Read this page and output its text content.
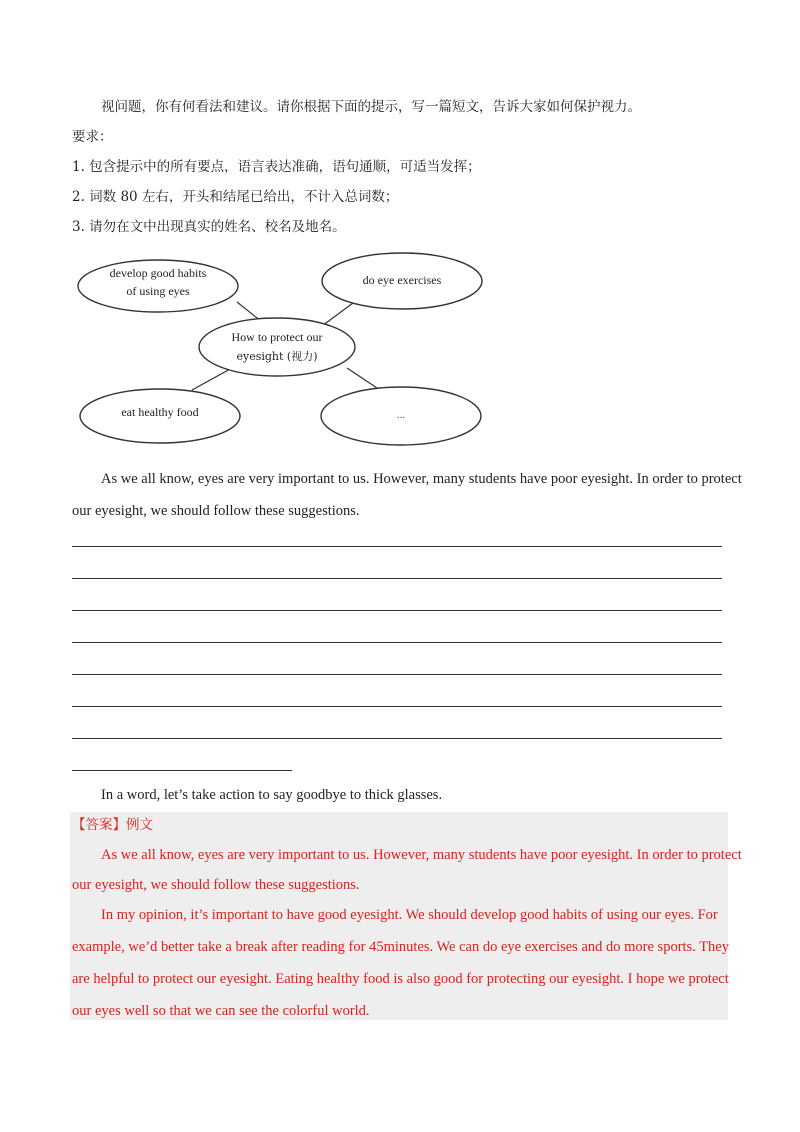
视问题，你有何看法和建议。请你根据下面的提示，写一篇短文，告诉大家如何保护视力。
要求：
1. 包含提示中的所有要点，语言表达准确，语句通顺，可适当发挥；
2. 词数 80 左右，开头和结尾已给出，不计入总词数；
3. 请勿在文中出现真实的姓名、校名及地名。
develop good habits
of using eyes
do eye exercises
How to protect our
eyesight (视力)
eat healthy food	...
As we all know, eyes are very important to us. However, many students have poor eyesight. In order to protect
our eyesight, we should follow these suggestions.
In a word, let’s take action to say goodbye to thick glasses.
【答案】例文
As we all know, eyes are very important to us. However, many students have poor eyesight. In order to protect
our eyesight, we should follow these suggestions.
In my opinion, it’s important to have good eyesight. We should develop good habits of using our eyes. For
example, we’d better take a break after reading for 45minutes. We can do eye exercises and do more sports. They
are helpful to protect our eyesight. Eating healthy food is also good for protecting our eyesight. I hope we protect
our eyes well so that we can see the colorful world.
